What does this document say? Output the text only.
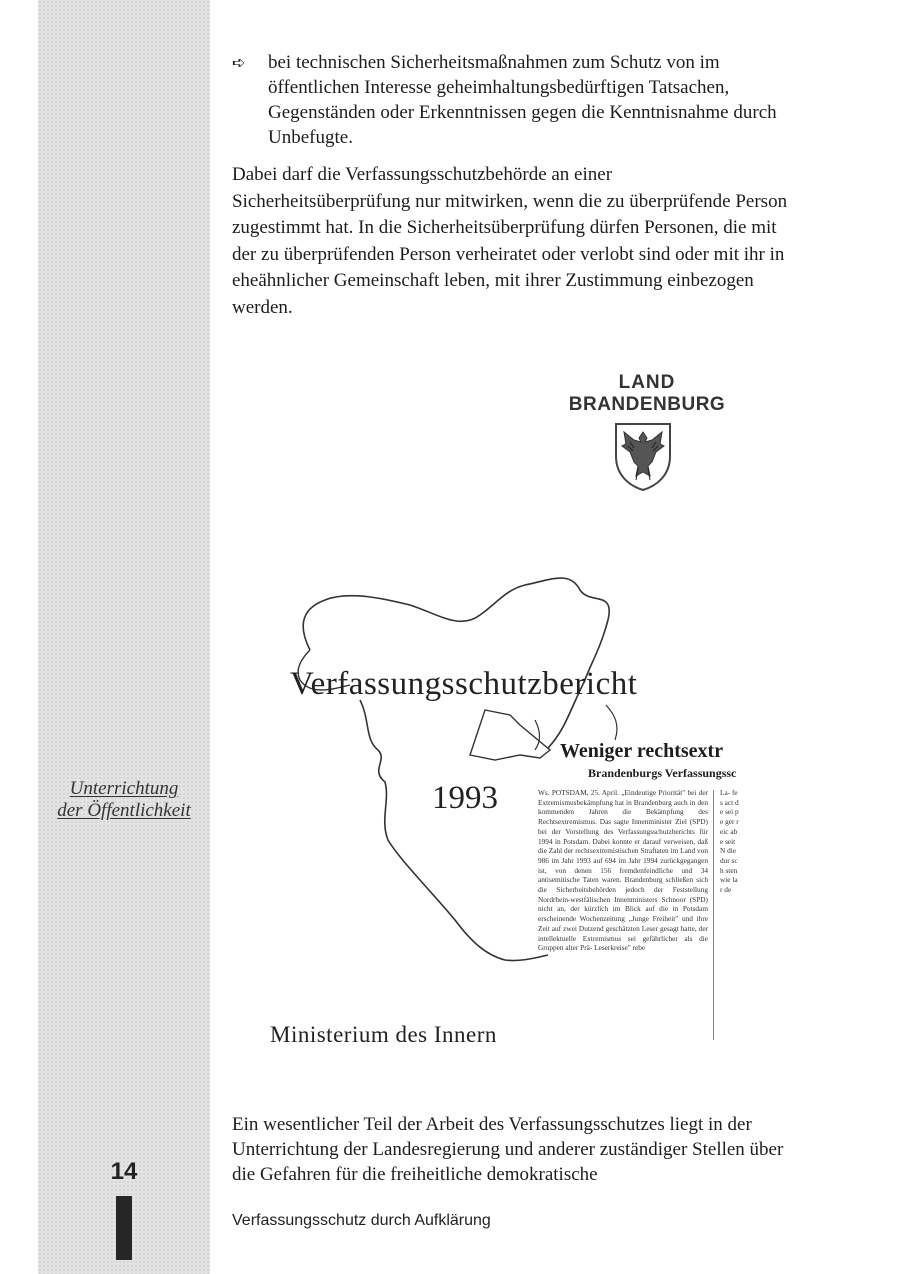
Unterrichtung
der Öffentlichkeit
14
➪ bei technischen Sicherheitsmaßnahmen zum Schutz von im öffentlichen Interesse geheimhaltungsbedürftigen Tatsachen, Gegenständen oder Erkenntnissen gegen die Kenntnisnahme durch Unbefugte.
Dabei darf die Verfassungsschutzbehörde an einer Sicherheitsüberprüfung nur mitwirken, wenn die zu überprüfende Person zugestimmt hat. In die Sicherheitsüberprüfung dürfen Personen, die mit der zu überprüfenden Person verheiratet oder verlobt sind oder mit ihr in eheähnlicher Gemeinschaft leben, mit ihrer Zustimmung einbezogen werden.
LAND
BRANDENBURG
Verfassungsschutzbericht
1993
Ministerium des Innern
Ws. POTSDAM, 25. April. „Eindeutige Priorität" bei der Extremismusbekämpfung hat in Brandenburg auch in den kommenden Jahren die Bekämpfung des Rechtsextremismus. Das sagte Innenminister Ziel (SPD) bei der Vorstellung des Verfassungsschutzberichts für 1994 in Potsdam. Dabei konnte er darauf verweisen, daß die Zahl der rechtsextremistischen Straftaten im Land von 986 im Jahr 1993 auf 694 im Jahr 1994 zurückgegangen ist, von denen 156 fremdenfeindliche und 34 antisemitische Taten waren. Brandenburg schließen sich die Sicherheitsbehörden jedoch der Feststellung Nordrhein-westfälischen Innenministers Schnoor (SPD) nicht an, der kürzlich im Blick auf die in Potsdam erscheinende Wochenzeitung „Junge Freiheit" und ihre Zeit auf zwei Dutzend geschätzten Leser gesagt hatte, der intellektuelle Extremismus sei gefährlicher als die Gruppen alter Prä- Leserkreise" rebe
La- fes act de sei pe ger reic abe seit N die dur sch sten wie lar de
Weniger rechtsextr
Brandenburgs Verfassungssc
Ein wesentlicher Teil der Arbeit des Verfassungsschutzes liegt in der Unterrichtung der Landesregierung und anderer zuständiger Stellen über die Gefahren für die freiheitliche demokratische
Verfassungsschutz durch Aufklärung
